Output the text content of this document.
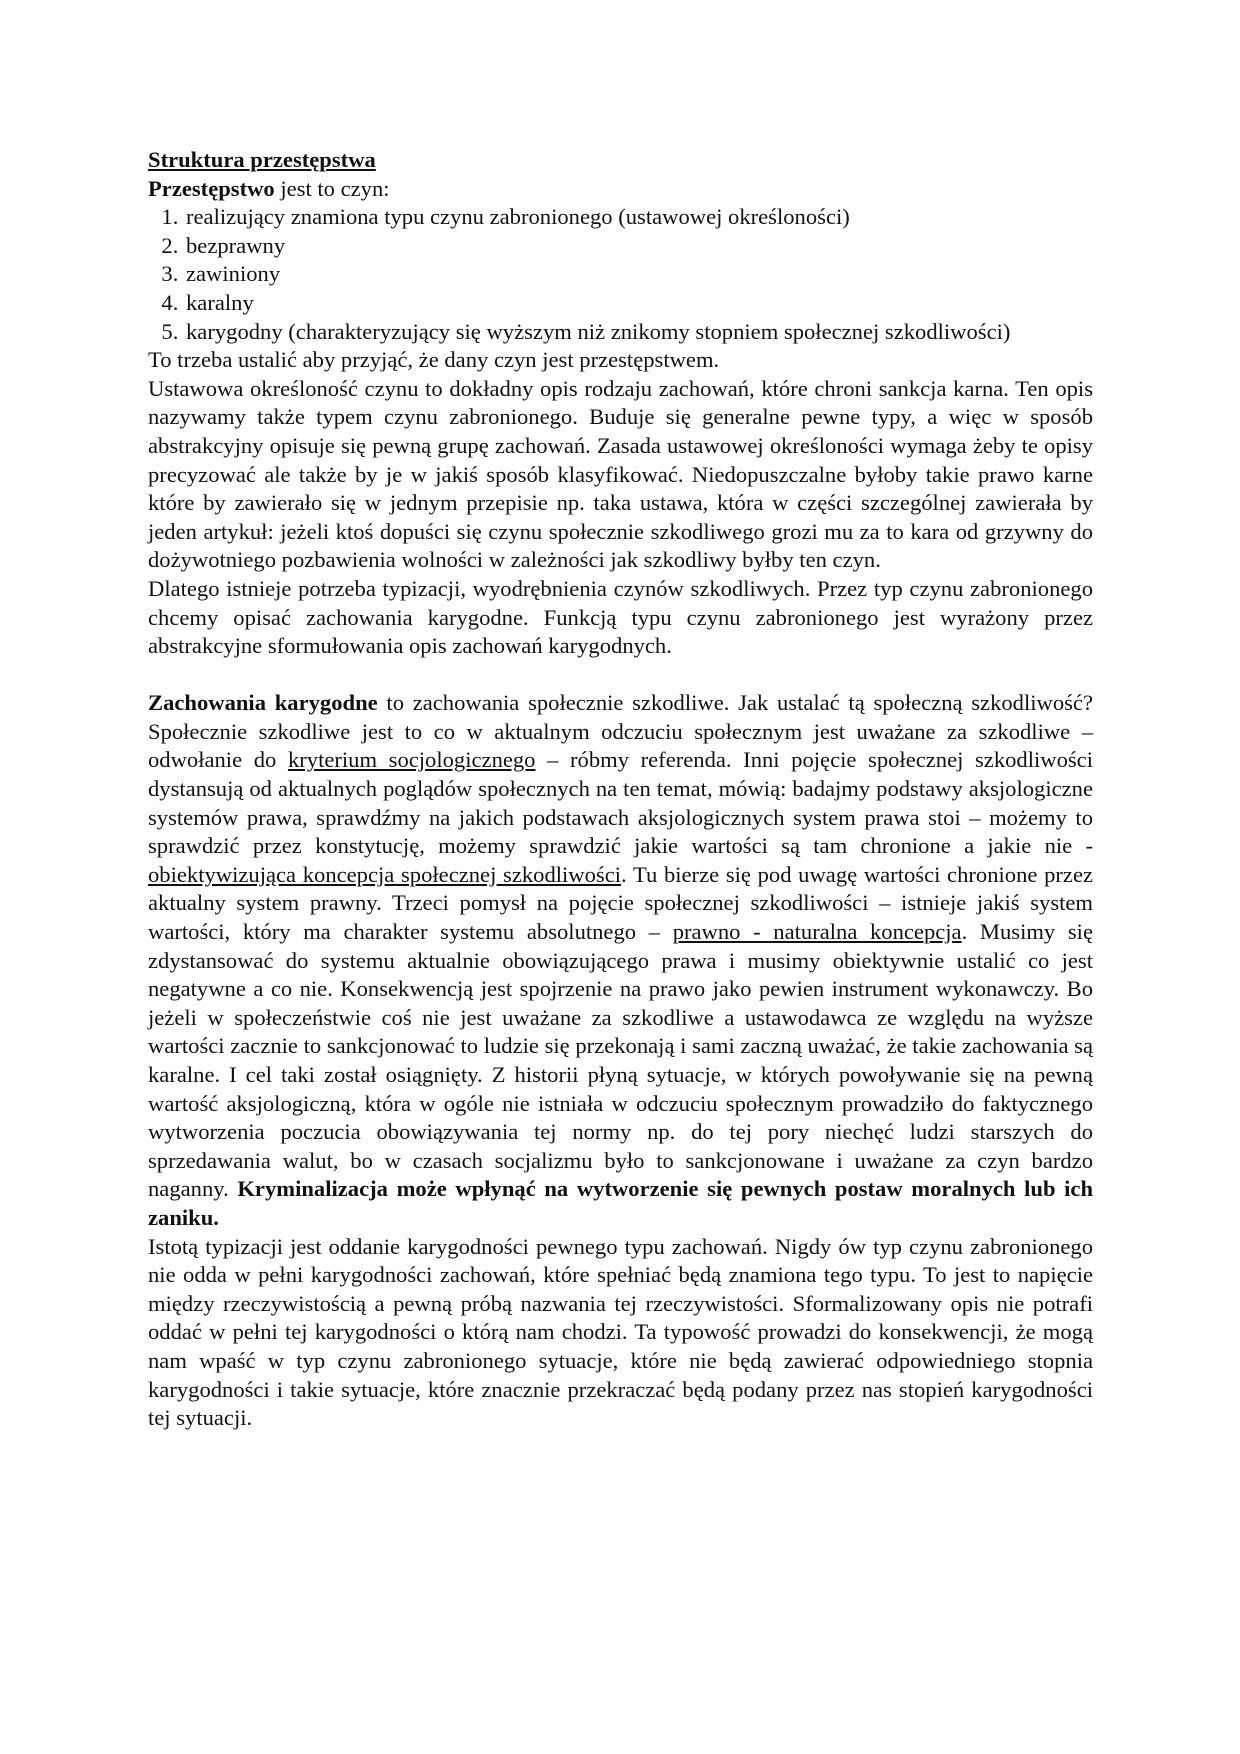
Struktura przestępstwa

Przestępstwo jest to czyn:

1. realizujący znamiona typu czynu zabronionego (ustawowej określoności)
2. bezprawny
3. zawiniony
4. karalny
5. karygodny (charakteryzujący się wyższym niż znikomy stopniem społecznej szkodliwości)

To trzeba ustalić aby przyjąć, że dany czyn jest przestępstwem.

Ustawowa określoność czynu to dokładny opis rodzaju zachowań, które chroni sankcja karna. Ten opis nazywamy także typem czynu zabronionego. Buduje się generalne pewne typy, a więc w sposób abstrakcyjny opisuje się pewną grupę zachowań. Zasada ustawowej określoności wymaga żeby te opisy precyzować ale także by je w jakiś sposób klasyfikować. Niedopuszczalne byłoby takie prawo karne które by zawierało się w jednym przepisie np. taka ustawa, która w części szczególnej zawierała by jeden artykuł: jeżeli ktoś dopuści się czynu społecznie szkodliwego grozi mu za to kara od grzywny do dożywotniego pozbawienia wolności w zależności jak szkodliwy byłby ten czyn.

Dlatego istnieje potrzeba typizacji, wyodrębnienia czynów szkodliwych. Przez typ czynu zabronionego chcemy opisać zachowania karygodne. Funkcją typu czynu zabronionego jest wyrażony przez abstrakcyjne sformułowania opis zachowań karygodnych.

Zachowania karygodne to zachowania społecznie szkodliwe. Jak ustalać tą społeczną szkodliwość? Społecznie szkodliwe jest to co w aktualnym odczuciu społecznym jest uważane za szkodliwe – odwołanie do kryterium socjologicznego – róbmy referenda. Inni pojęcie społecznej szkodliwości dystansują od aktualnych poglądów społecznych na ten temat, mówią: badajmy podstawy aksjologiczne systemów prawa, sprawdźmy na jakich podstawach aksjologicznych system prawa stoi – możemy to sprawdzić przez konstytucję, możemy sprawdzić jakie wartości są tam chronione a jakie nie - obiektywizująca koncepcja społecznej szkodliwości. Tu bierze się pod uwagę wartości chronione przez aktualny system prawny. Trzeci pomysł na pojęcie społecznej szkodliwości – istnieje jakiś system wartości, który ma charakter systemu absolutnego – prawno - naturalna koncepcja. Musimy się zdystansować do systemu aktualnie obowiązującego prawa i musimy obiektywnie ustalić co jest negatywne a co nie. Konsekwencją jest spojrzenie na prawo jako pewien instrument wykonawczy. Bo jeżeli w społeczeństwie coś nie jest uważane za szkodliwe a ustawodawca ze względu na wyższe wartości zacznie to sankcjonować to ludzie się przekonają i sami zaczną uważać, że takie zachowania są karalne. I cel taki został osiągnięty. Z historii płyną sytuacje, w których powoływanie się na pewną wartość aksjologiczną, która w ogóle nie istniała w odczuciu społecznym prowadziło do faktycznego wytworzenia poczucia obowiązywania tej normy np. do tej pory niechęć ludzi starszych do sprzedawania walut, bo w czasach socjalizmu było to sankcjonowane i uważane za czyn bardzo naganny. Kryminalizacja może wpłynąć na wytworzenie się pewnych postaw moralnych lub ich zaniku.

Istotą typizacji jest oddanie karygodności pewnego typu zachowań. Nigdy ów typ czynu zabronionego nie odda w pełni karygodności zachowań, które spełniać będą znamiona tego typu. To jest to napięcie między rzeczywistością a pewną próbą nazwania tej rzeczywistości. Sformalizowany opis nie potrafi oddać w pełni tej karygodności o którą nam chodzi. Ta typowość prowadzi do konsekwencji, że mogą nam wpaść w typ czynu zabronionego sytuacje, które nie będą zawierać odpowiedniego stopnia karygodności i takie sytuacje, które znacznie przekraczać będą podany przez nas stopień karygodności tej sytuacji.
